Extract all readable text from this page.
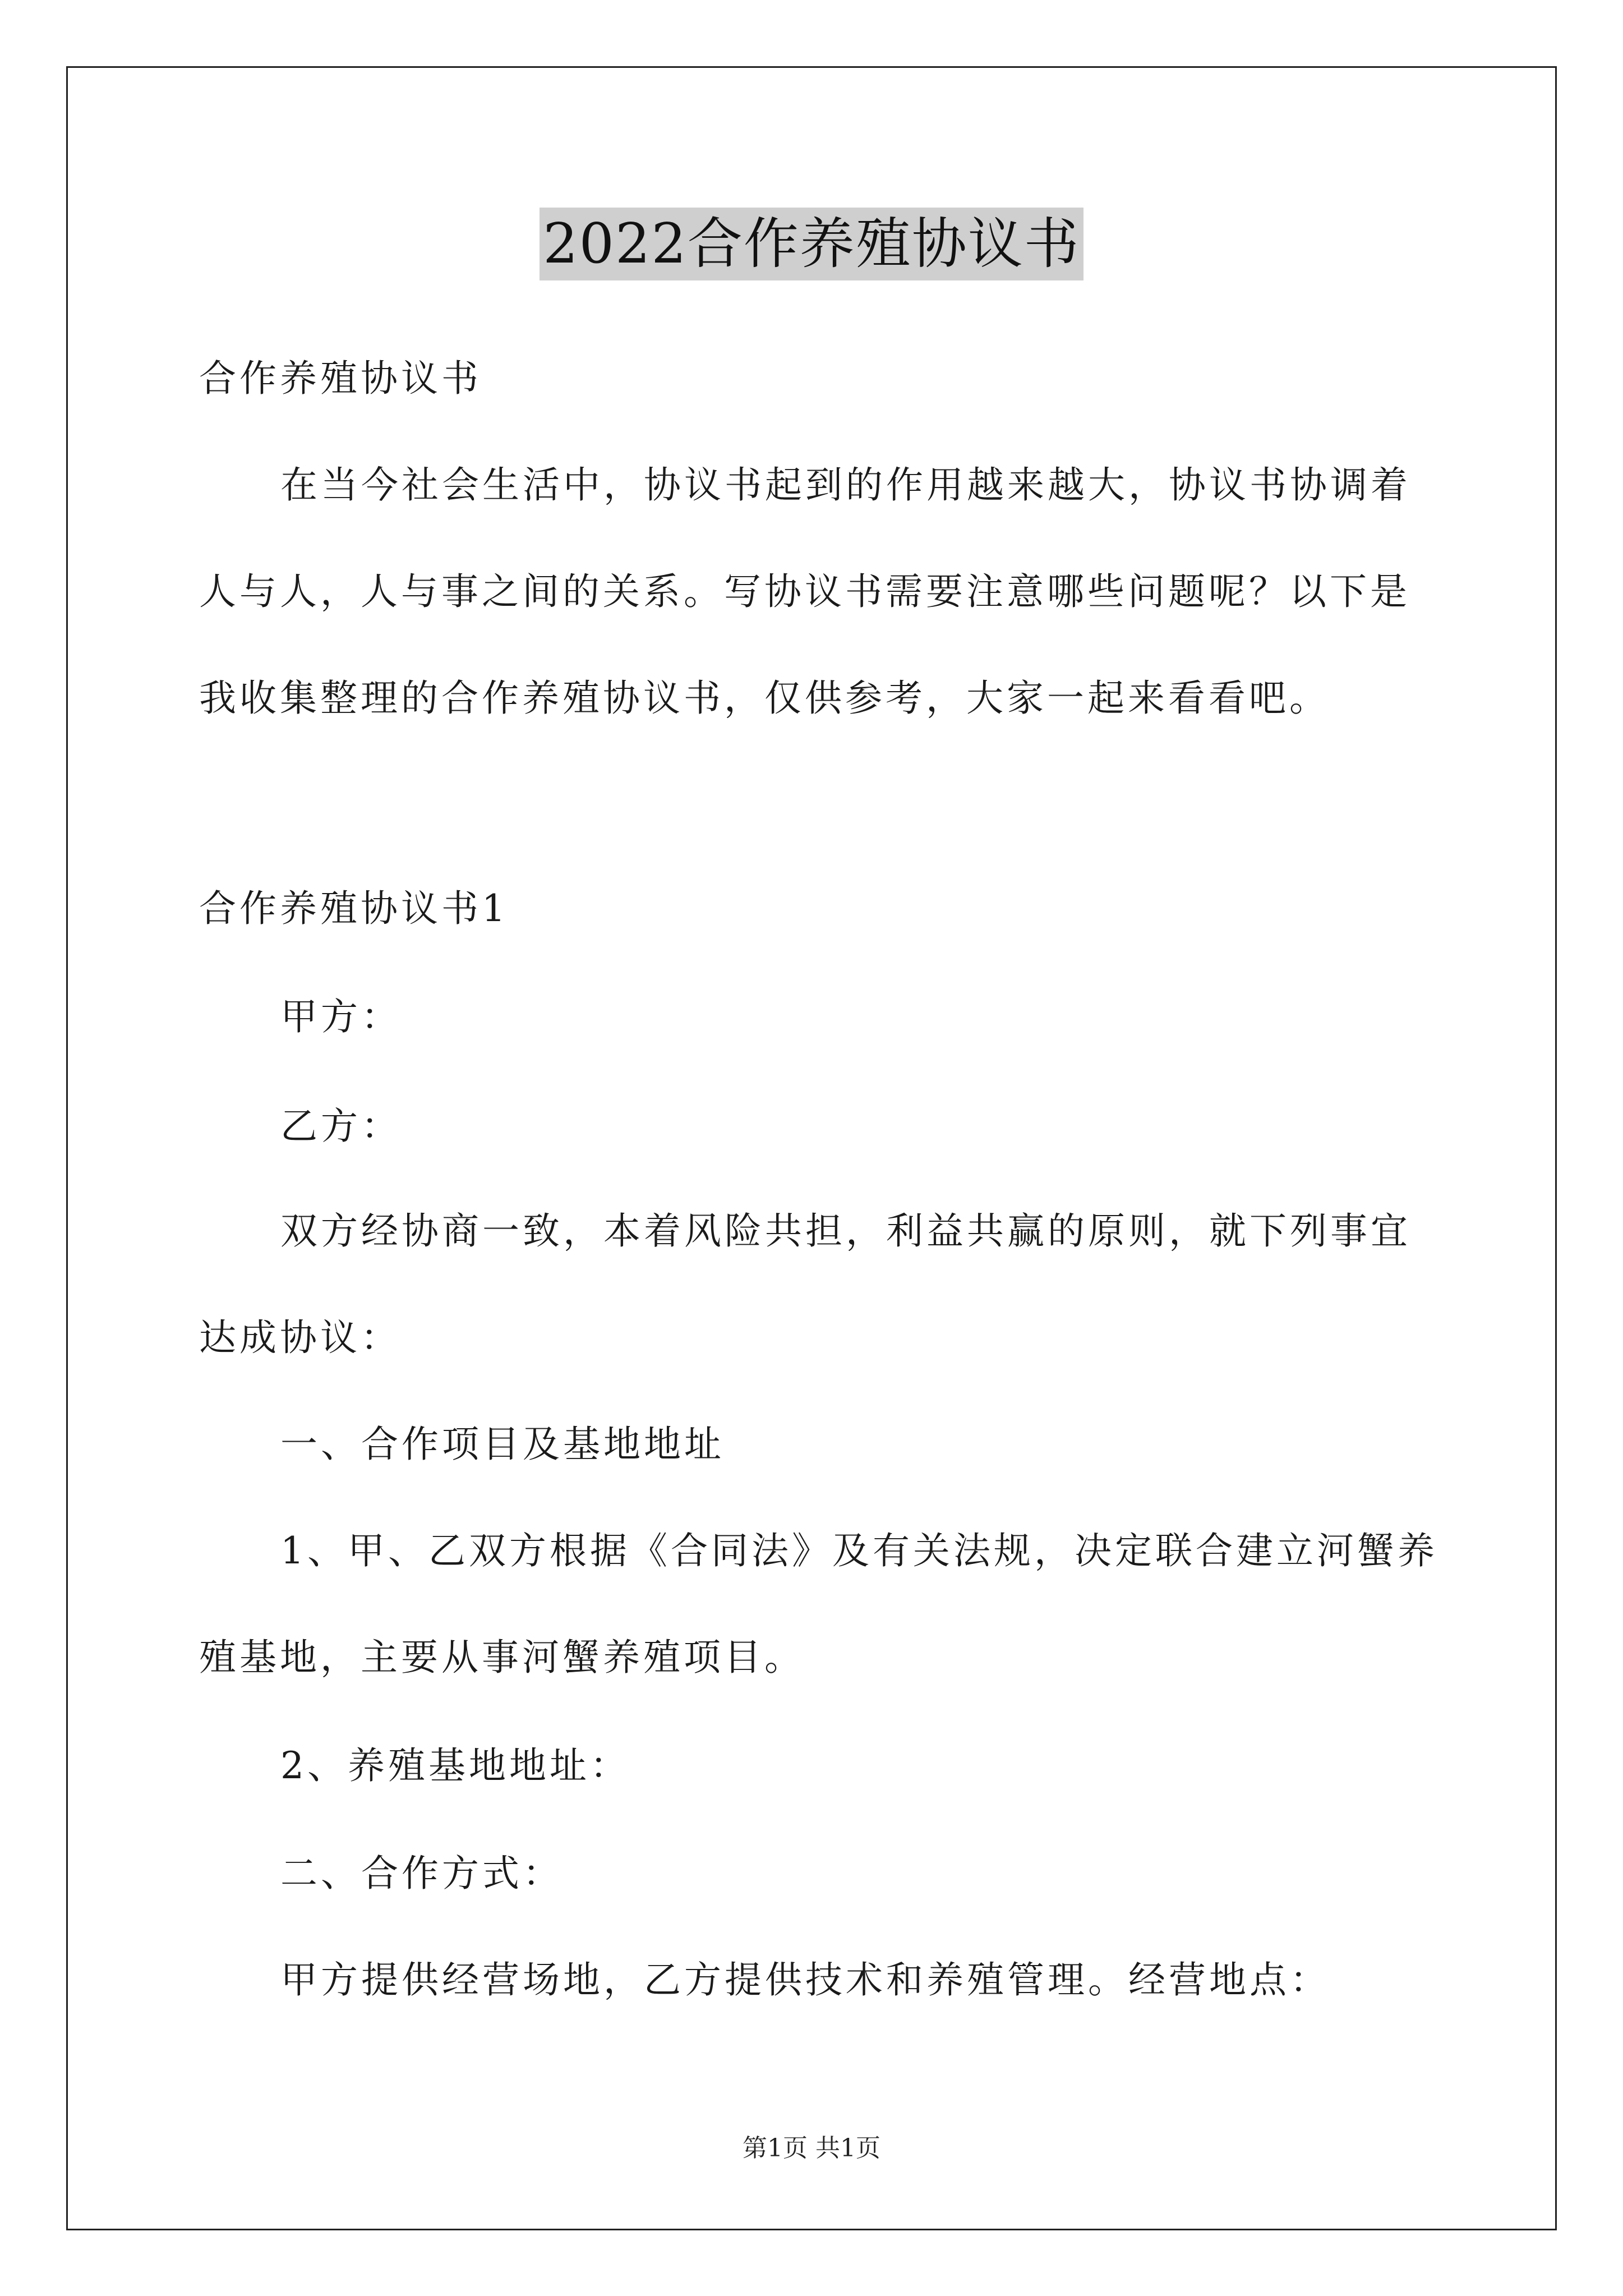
2022合作养殖协议书
合作养殖协议书
在当今社会生活中，协议书起到的作用越来越大，协议书协调着
人与人，人与事之间的关系。写协议书需要注意哪些问题呢？以下是
我收集整理的合作养殖协议书，仅供参考，大家一起来看看吧。
合作养殖协议书1
甲方：
乙方：
双方经协商一致，本着风险共担，利益共赢的原则，就下列事宜
达成协议：
一、合作项目及基地地址
1、甲、乙双方根据《合同法》及有关法规，决定联合建立河蟹养
殖基地，主要从事河蟹养殖项目。
2、养殖基地地址：
二、合作方式：
甲方提供经营场地，乙方提供技术和养殖管理。经营地点：
第1页 共1页
